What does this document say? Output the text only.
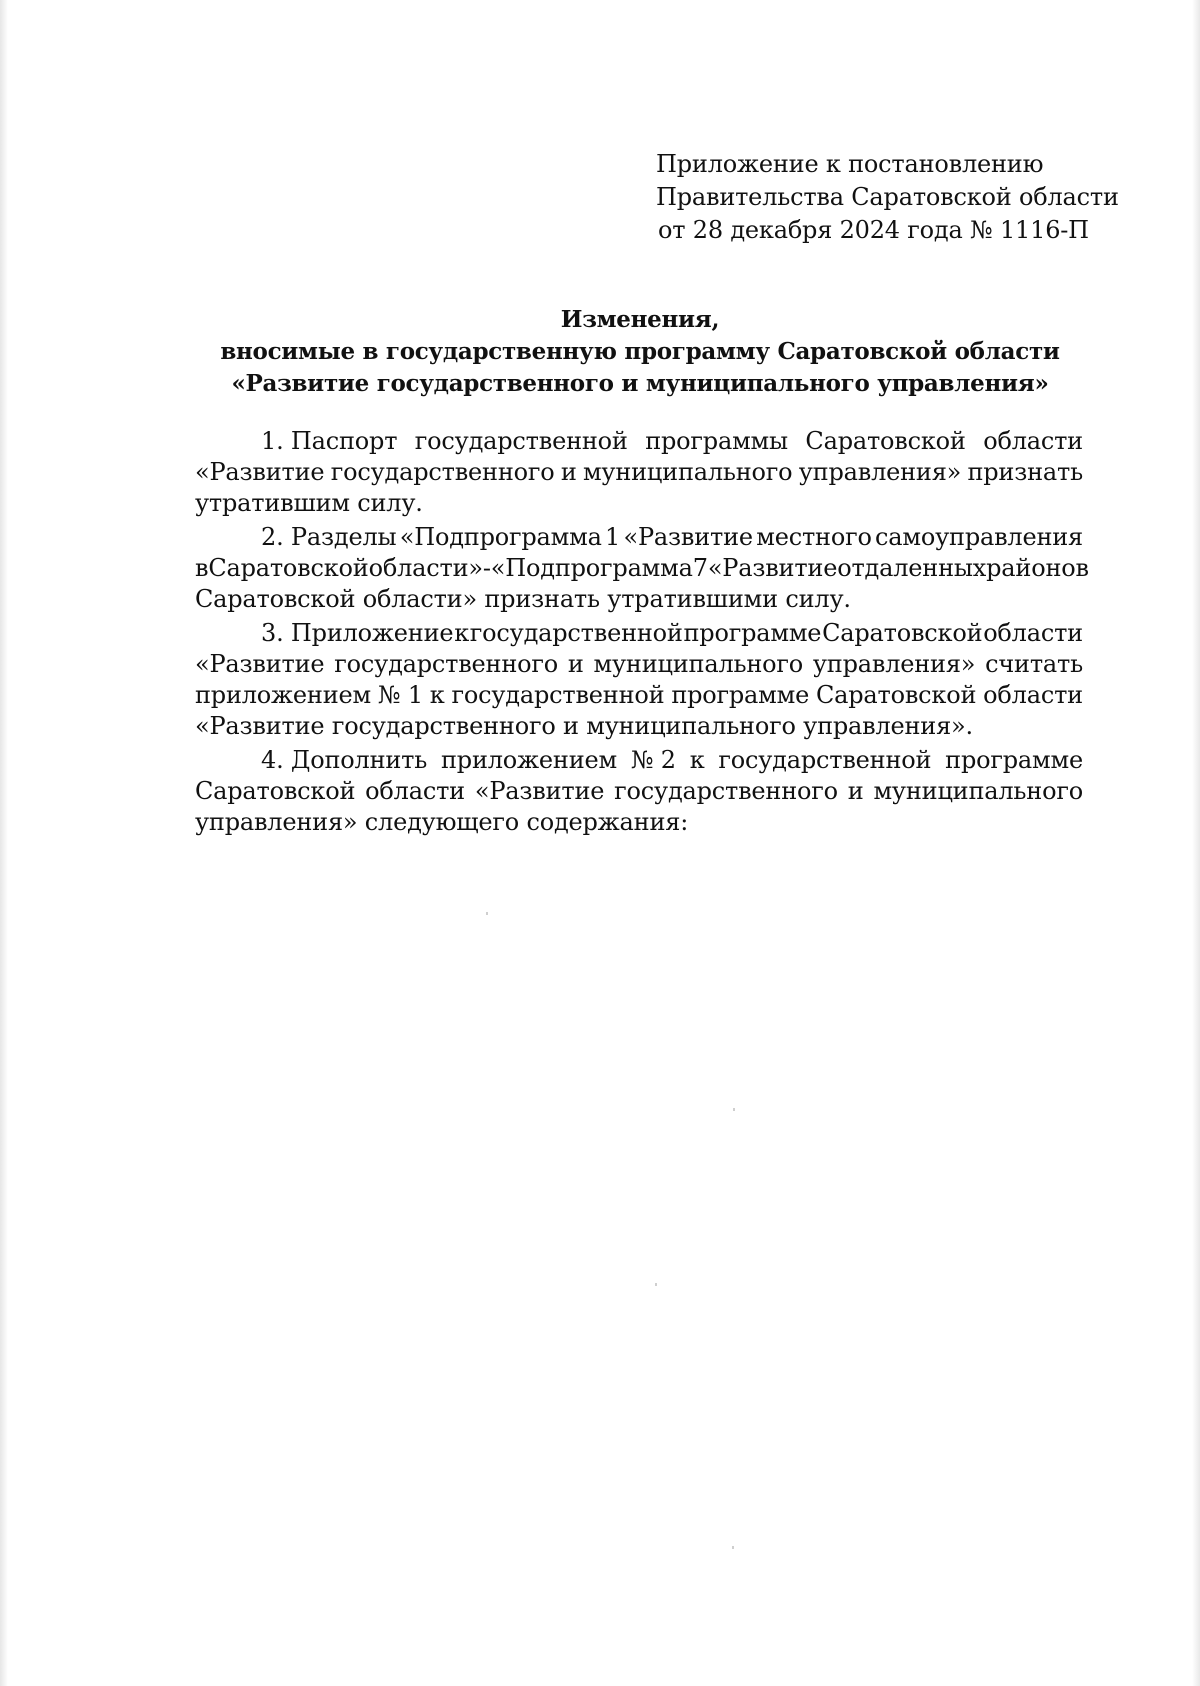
Приложение к постановлению
Правительства Саратовской области
от 28 декабря 2024 года № 1116-П
Изменения,
вносимые в государственную программу Саратовской области
«Развитие государственного и муниципального управления»
1. Паспорт государственной программы Саратовской области
«Развитие государственного и муниципального управления» признать
утратившим силу.
2. Разделы «Подпрограмма 1 «Развитие местного самоуправления
в Саратовской области» - «Подпрограмма 7 «Развитие отдаленных районов
Саратовской области» признать утратившими силу.
3. Приложение к государственной программе Саратовской области
«Развитие государственного и муниципального управления» считать
приложением № 1 к государственной программе Саратовской области
«Развитие государственного и муниципального управления».
4. Дополнить приложением № 2 к государственной программе
Саратовской области «Развитие государственного и муниципального
управления» следующего содержания:
